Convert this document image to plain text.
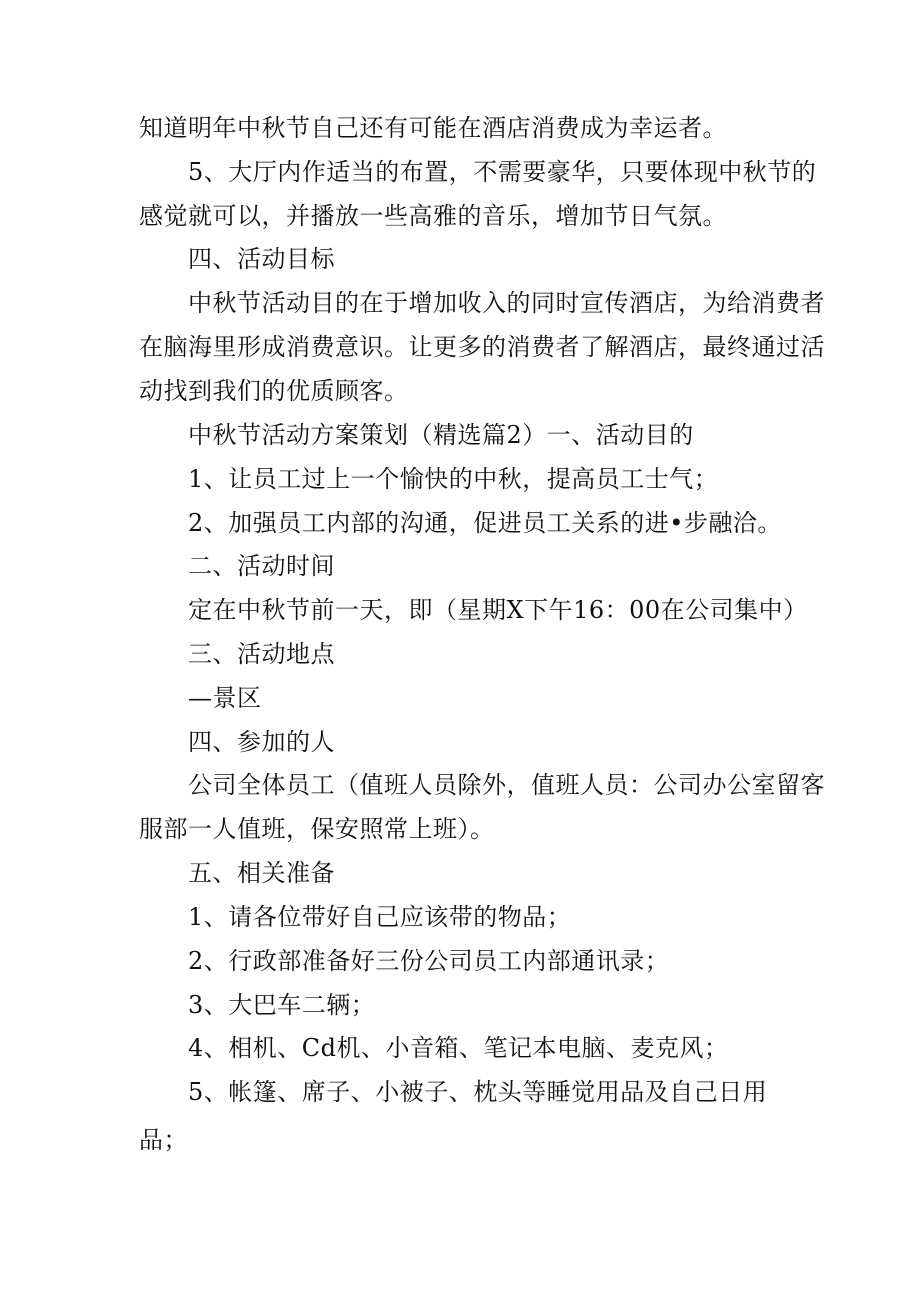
知道明年中秋节自己还有可能在酒店消费成为幸运者。
5、大厅内作适当的布置，不需要豪华，只要体现中秋节的
感觉就可以，并播放一些高雅的音乐，增加节日气氛。
四、活动目标
中秋节活动目的在于增加收入的同时宣传酒店，为给消费者
在脑海里形成消费意识。让更多的消费者了解酒店，最终通过活
动找到我们的优质顾客。
中秋节活动方案策划（精选篇2）一、活动目的
1、让员工过上一个愉快的中秋，提高员工士气；
2、加强员工内部的沟通，促进员工关系的进•步融洽。
二、活动时间
定在中秋节前一天，即（星期X下午16：00在公司集中）
三、活动地点
—景区
四、参加的人
公司全体员工（值班人员除外，值班人员：公司办公室留客
服部一人值班，保安照常上班）。
五、相关准备
1、请各位带好自己应该带的物品；
2、行政部准备好三份公司员工内部通讯录；
3、大巴车二辆；
4、相机、Cd机、小音箱、笔记本电脑、麦克风；
5、帐篷、席子、小被子、枕头等睡觉用品及自己日用
品；
